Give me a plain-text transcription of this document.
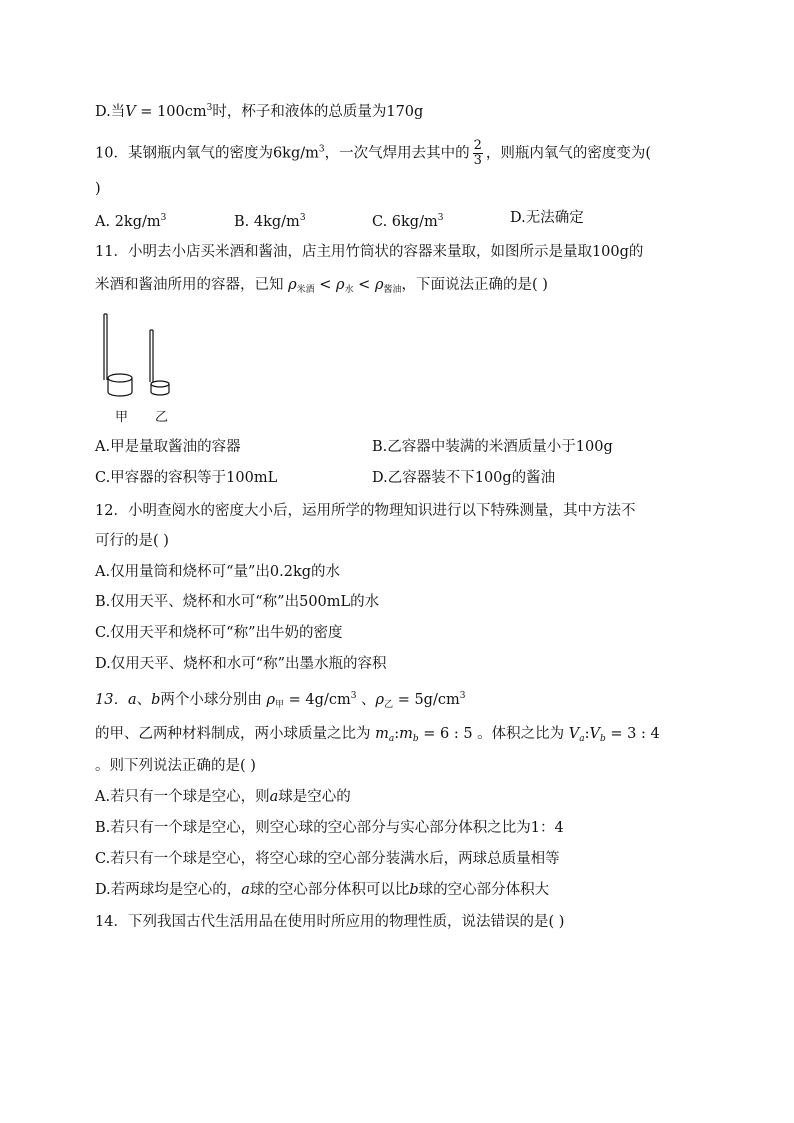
D.当$V = 100cm^3$时，杯子和液体的总质量为170g
10．某钢瓶内氧气的密度为$6kg/m^3$，一次气焊用去其中的 $\frac{2}{3}$ ，则瓶内氧气的密度变为(
)
A. $2kg/m^3$	B. $4kg/m^3$	C. $6kg/m^3$	D.无法确定
11．小明去小店买米酒和酱油，店主用竹筒状的容器来量取，如图所示是量取100g的
米酒和酱油所用的容器，已知 $\rho_{米酒} < \rho_水 < \rho_{酱油}$，下面说法正确的是( )
甲 乙
A.甲是量取酱油的容器	B.乙容器中装满的米酒质量小于100g
C.甲容器的容积等于100mL	D.乙容器装不下100g的酱油
12．小明查阅水的密度大小后，运用所学的物理知识进行以下特殊测量，其中方法不
可行的是( )
A.仅用量筒和烧杯可“量”出0.2kg的水
B.仅用天平、烧杯和水可“称”出500mL的水
C.仅用天平和烧杯可“称”出牛奶的密度
D.仅用天平、烧杯和水可“称”出墨水瓶的容积
13．a、b两个小球分别由 $\rho_甲 = 4g/cm^3$ 、$\rho_乙 = 5g/cm^3$
的甲、乙两种材料制成，两小球质量之比为 $m_a:m_b = 6$ : 5 。体积之比为 $V_a:V_b = 3$ : 4
。则下列说法正确的是( )
A.若只有一个球是空心，则a球是空心的
B.若只有一个球是空心，则空心球的空心部分与实心部分体积之比为1：4
C.若只有一个球是空心，将空心球的空心部分装满水后，两球总质量相等
D.若两球均是空心的，a球的空心部分体积可以比b球的空心部分体积大
14．下列我国古代生活用品在使用时所应用的物理性质，说法错误的是( )
